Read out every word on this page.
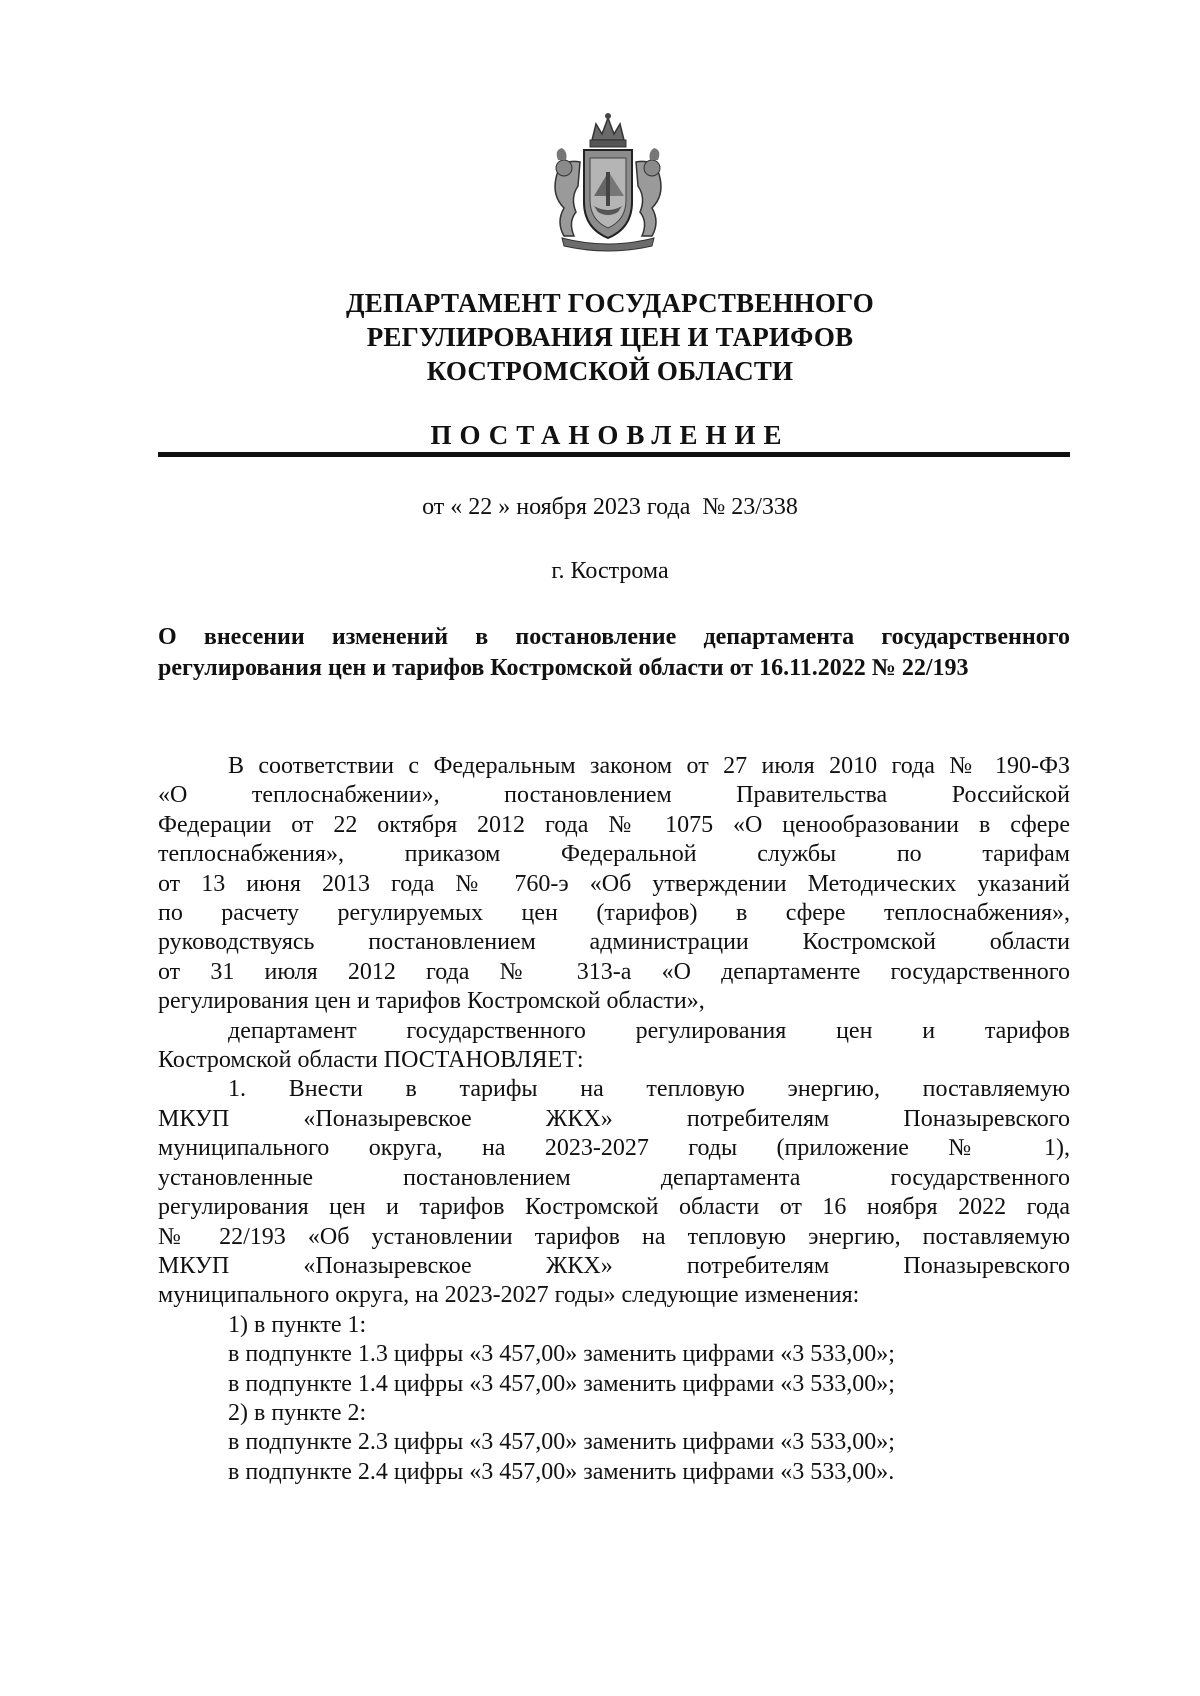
ДЕПАРТАМЕНТ ГОСУДАРСТВЕННОГО
РЕГУЛИРОВАНИЯ ЦЕН И ТАРИФОВ
КОСТРОМСКОЙ ОБЛАСТИ
ПОСТАНОВЛЕНИЕ
от « 22 » ноября 2023 года  № 23/338
г. Кострома
О внесении изменений в постановление департамента государственного
регулирования цен и тарифов Костромской области от 16.11.2022 № 22/193
В соответствии с Федеральным законом от 27 июля 2010 года № 190-ФЗ
«О теплоснабжении», постановлением Правительства Российской
Федерации от 22 октября 2012 года № 1075 «О ценообразовании в сфере
теплоснабжения», приказом Федеральной службы по тарифам
от 13 июня 2013 года № 760-э «Об утверждении Методических указаний
по расчету регулируемых цен (тарифов) в сфере теплоснабжения»,
руководствуясь постановлением администрации Костромской области
от 31 июля 2012 года № 313-а «О департаменте государственного
регулирования цен и тарифов Костромской области»,
департамент государственного регулирования цен и тарифов
Костромской области ПОСТАНОВЛЯЕТ:
1. Внести в тарифы на тепловую энергию, поставляемую
МКУП «Поназыревское ЖКХ» потребителям Поназыревского
муниципального округа, на 2023-2027 годы (приложение № 1),
установленные постановлением департамента государственного
регулирования цен и тарифов Костромской области от 16 ноября 2022 года
№ 22/193 «Об установлении тарифов на тепловую энергию, поставляемую
МКУП «Поназыревское ЖКХ» потребителям Поназыревского
муниципального округа, на 2023-2027 годы» следующие изменения:
1) в пункте 1:
в подпункте 1.3 цифры «3 457,00» заменить цифрами «3 533,00»;
в подпункте 1.4 цифры «3 457,00» заменить цифрами «3 533,00»;
2) в пункте 2:
в подпункте 2.3 цифры «3 457,00» заменить цифрами «3 533,00»;
в подпункте 2.4 цифры «3 457,00» заменить цифрами «3 533,00».
